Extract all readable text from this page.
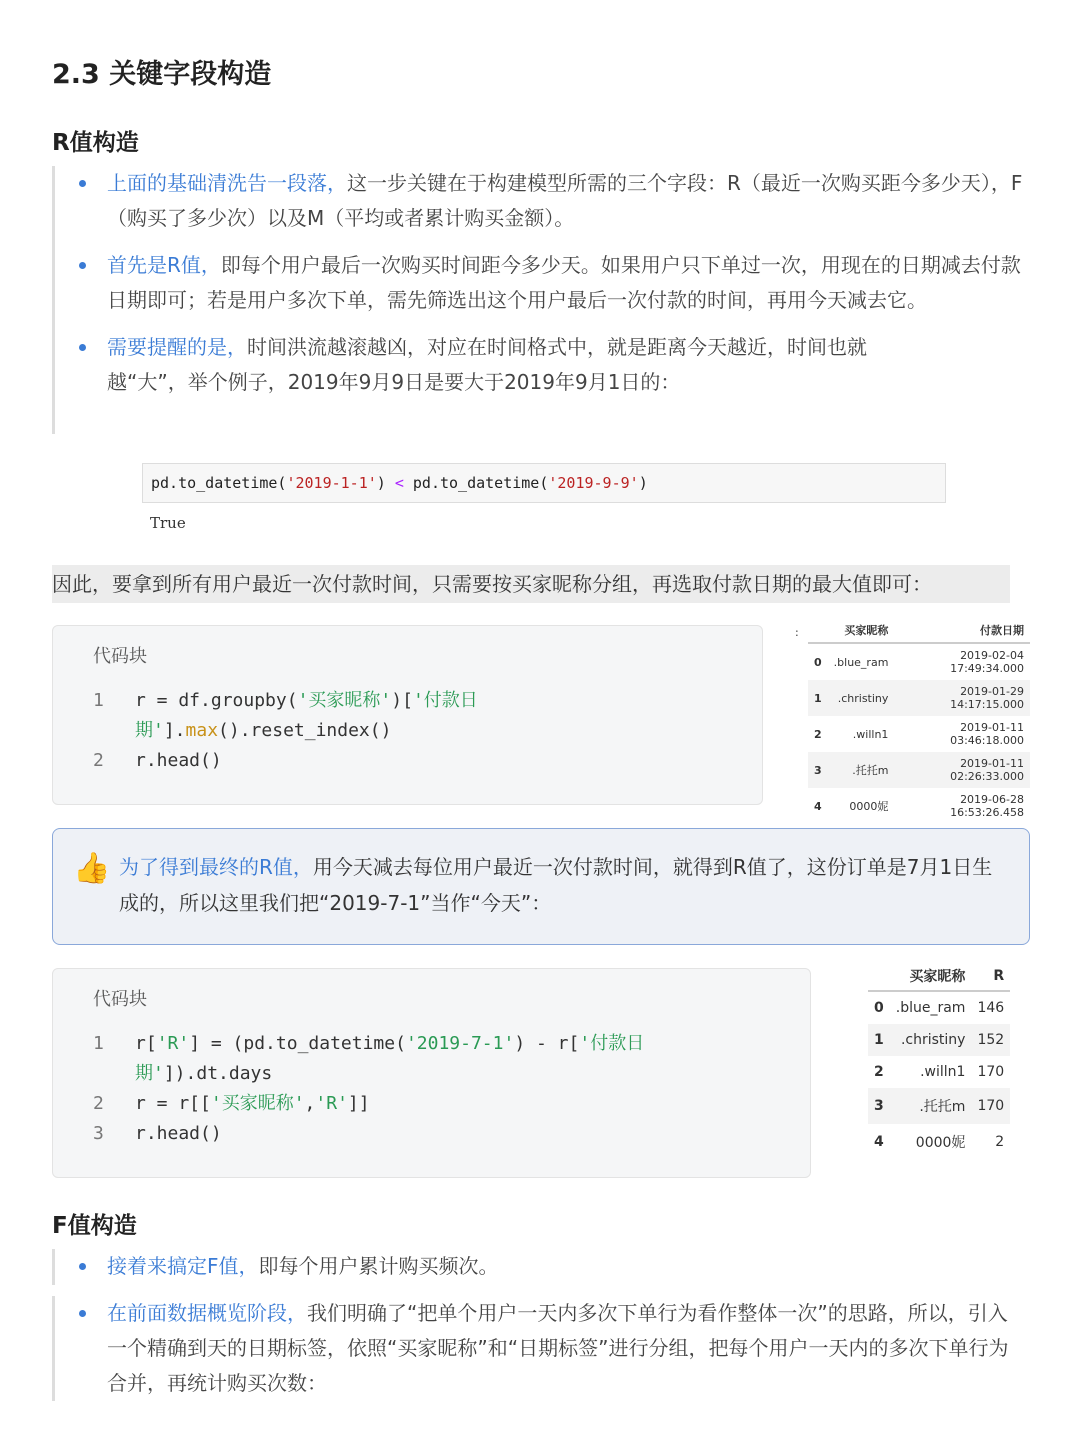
2.3 关键字段构造
R值构造
上面的基础清洗告一段落，这一步关键在于构建模型所需的三个字段：R（最近一次购买距今多少天），F（购买了多少次）以及M（平均或者累计购买金额）。
首先是R值，即每个用户最后一次购买时间距今多少天。如果用户只下单过一次，用现在的日期减去付款日期即可；若是用户多次下单，需先筛选出这个用户最后一次付款的时间，再用今天减去它。
需要提醒的是，时间洪流越滚越凶，对应在时间格式中，就是距离今天越近，时间也就越“大”，举个例子，2019年9月9日是要大于2019年9月1日的：
pd.to_datetime('2019-1-1') < pd.to_datetime('2019-9-9')
True
因此，要拿到所有用户最近一次付款时间，只需要按买家昵称分组，再选取付款日期的最大值即可：
代码块
1	r = df.groupby('买家昵称')['付款日期'].max().reset_index()
2	r.head()
:
		买家昵称	付款日期
0	.blue_ram	2019-02-04 17:49:34.000
1	.christiny	2019-01-29 14:17:15.000
2	.willn1	2019-01-11 03:46:18.000
3	.托托m	2019-01-11 02:26:33.000
4	0000妮	2019-06-28 16:53:26.458
👍 为了得到最终的R值，用今天减去每位用户最近一次付款时间，就得到R值了，这份订单是7月1日生成的，所以这里我们把“2019-7-1”当作“今天”：
代码块
1	r['R'] = (pd.to_datetime('2019-7-1') - r['付款日期']).dt.days
2	r = r[['买家昵称','R']]
3	r.head()
	买家昵称	R
0	.blue_ram	146
1	.christiny	152
2	.willn1	170
3	.托托m	170
4	0000妮	2
F值构造
接着来搞定F值，即每个用户累计购买频次。
在前面数据概览阶段，我们明确了“把单个用户一天内多次下单行为看作整体一次”的思路，所以，引入一个精确到天的日期标签，依照“买家昵称”和“日期标签”进行分组，把每个用户一天内的多次下单行为合并，再统计购买次数：
